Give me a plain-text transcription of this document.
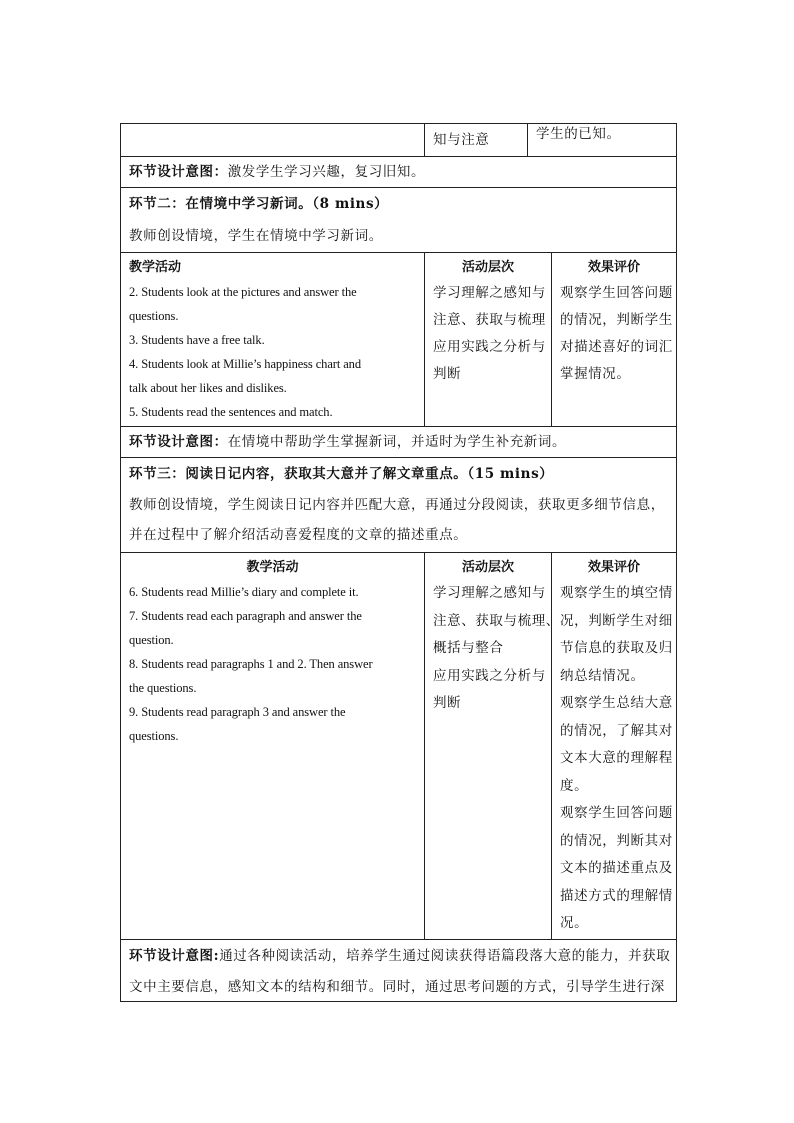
知与注意	学生的已知。
环节设计意图：激发学生学习兴趣，复习旧知。
环节二：在情境中学习新词。（8 mins）
教师创设情境，学生在情境中学习新词。
教学活动
2. Students look at the pictures and answer the
questions.
3. Students have a free talk.
4. Students look at Millie’s happiness chart and
talk about her likes and dislikes.
5. Students read the sentences and match.
活动层次
学习理解之感知与
注意、获取与梳理
应用实践之分析与
判断
效果评价
观察学生回答问题
的情况，判断学生
对描述喜好的词汇
掌握情况。
环节设计意图：在情境中帮助学生掌握新词，并适时为学生补充新词。
环节三：阅读日记内容，获取其大意并了解文章重点。（15 mins）
教师创设情境，学生阅读日记内容并匹配大意，再通过分段阅读，获取更多细节信息，
并在过程中了解介绍活动喜爱程度的文章的描述重点。
教学活动
6. Students read Millie’s diary and complete it.
7. Students read each paragraph and answer the
question.
8. Students read paragraphs 1 and 2. Then answer
the questions.
9. Students read paragraph 3 and answer the
questions.
活动层次
学习理解之感知与
注意、获取与梳理、
概括与整合
应用实践之分析与
判断
效果评价
观察学生的填空情
况，判断学生对细
节信息的获取及归
纳总结情况。
观察学生总结大意
的情况，了解其对
文本大意的理解程
度。
观察学生回答问题
的情况，判断其对
文本的描述重点及
描述方式的理解情
况。
环节设计意图:通过各种阅读活动，培养学生通过阅读获得语篇段落大意的能力，并获取
文中主要信息，感知文本的结构和细节。同时，通过思考问题的方式，引导学生进行深
